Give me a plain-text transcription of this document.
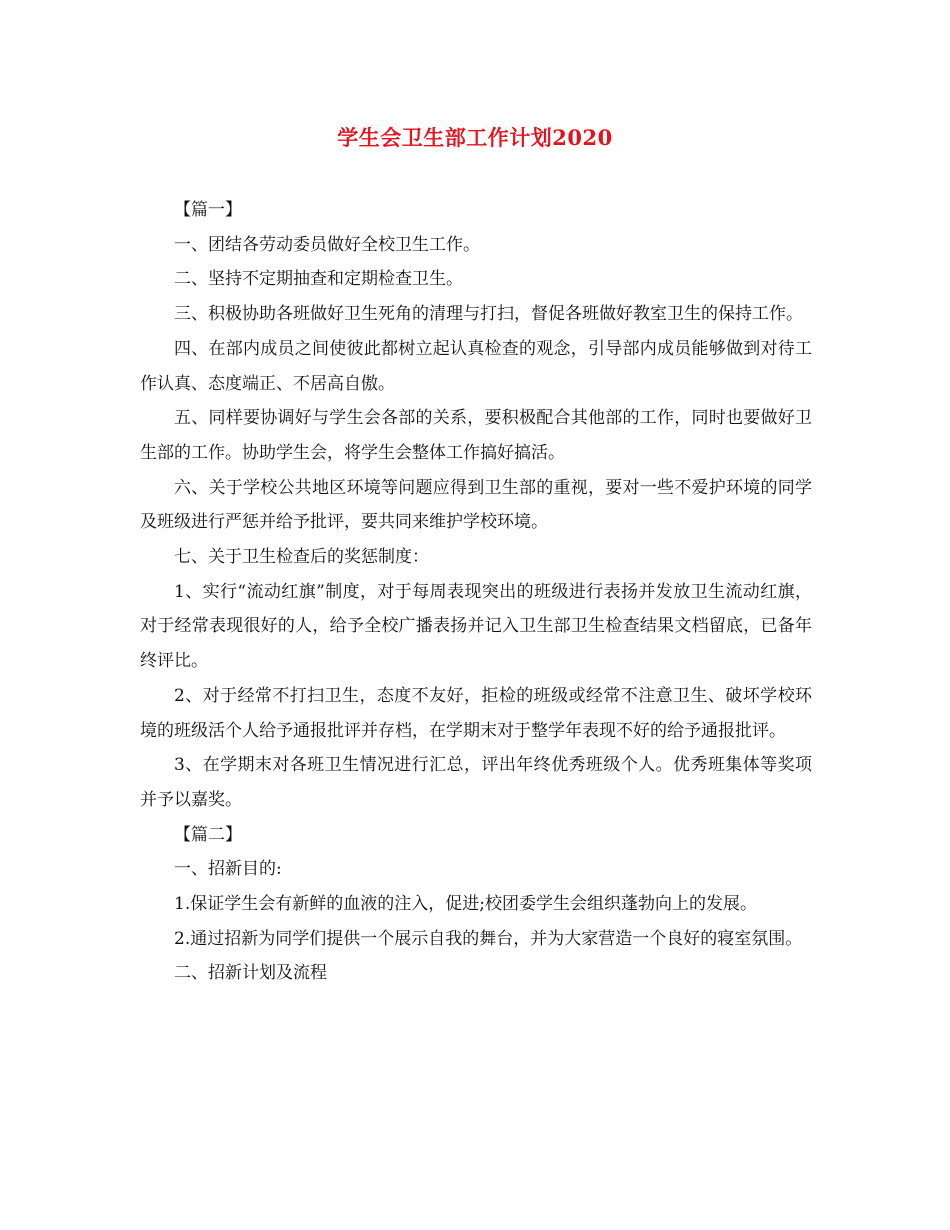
学生会卫生部工作计划2020

【篇一】

一、团结各劳动委员做好全校卫生工作。

二、坚持不定期抽查和定期检查卫生。

三、积极协助各班做好卫生死角的清理与打扫，督促各班做好教室卫生的保持工作。

四、在部内成员之间使彼此都树立起认真检查的观念，引导部内成员能够做到对待工作认真、态度端正、不居高自傲。

五、同样要协调好与学生会各部的关系，要积极配合其他部的工作，同时也要做好卫生部的工作。协助学生会，将学生会整体工作搞好搞活。

六、关于学校公共地区环境等问题应得到卫生部的重视，要对一些不爱护环境的同学及班级进行严惩并给予批评，要共同来维护学校环境。

七、关于卫生检查后的奖惩制度：

1、实行“流动红旗”制度，对于每周表现突出的班级进行表扬并发放卫生流动红旗，对于经常表现很好的人，给予全校广播表扬并记入卫生部卫生检查结果文档留底，已备年终评比。

2、对于经常不打扫卫生，态度不友好，拒检的班级或经常不注意卫生、破坏学校环境的班级活个人给予通报批评并存档，在学期末对于整学年表现不好的给予通报批评。

3、在学期末对各班卫生情况进行汇总，评出年终优秀班级个人。优秀班集体等奖项并予以嘉奖。

【篇二】

一、招新目的:

1.保证学生会有新鲜的血液的注入，促进;校团委学生会组织蓬勃向上的发展。

2.通过招新为同学们提供一个展示自我的舞台，并为大家营造一个良好的寝室氛围。

二、招新计划及流程
